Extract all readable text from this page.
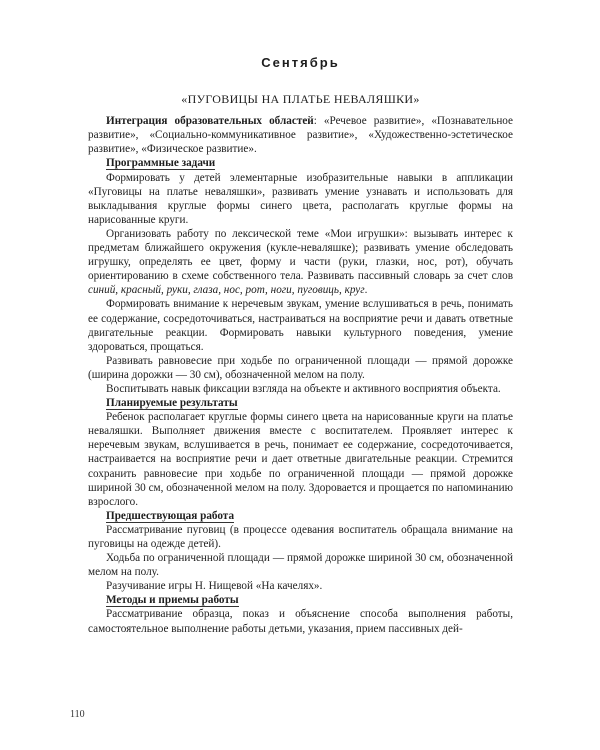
Сентябрь
«ПУГОВИЦЫ НА ПЛАТЬЕ НЕВАЛЯШКИ»

Интеграция образовательных областей: «Речевое развитие», «Познавательное развитие», «Социально-коммуникативное развитие», «Художественно-эстетическое развитие», «Физическое развитие».

Программные задачи

Формировать у детей элементарные изобразительные навыки в аппликации «Пуговицы на платье неваляшки», развивать умение узнавать и использовать для выкладывания круглые формы синего цвета, располагать круглые формы на нарисованные круги.

Организовать работу по лексической теме «Мои игрушки»: вызывать интерес к предметам ближайшего окружения (кукле-неваляшке); развивать умение обследовать игрушку, определять ее цвет, форму и части (руки, глазки, нос, рот), обучать ориентированию в схеме собственного тела. Развивать пассивный словарь за счет слов синий, красный, руки, глаза, нос, рот, ноги, пуговиць, круг.

Формировать внимание к неречевым звукам, умение вслушиваться в речь, понимать ее содержание, сосредоточиваться, настраиваться на восприятие речи и давать ответные двигательные реакции. Формировать навыки культурного поведения, умение здороваться, прощаться.

Развивать равновесие при ходьбе по ограниченной площади — прямой дорожке (ширина дорожки — 30 см), обозначенной мелом на полу.

Воспитывать навык фиксации взгляда на объекте и активного восприятия объекта.

Планируемые результаты

Ребенок располагает круглые формы синего цвета на нарисованные круги на платье неваляшки. Выполняет движения вместе с воспитателем. Проявляет интерес к неречевым звукам, вслушивается в речь, понимает ее содержание, сосредоточивается, настраивается на восприятие речи и дает ответные двигательные реакции. Стремится сохранить равновесие при ходьбе по ограниченной площади — прямой дорожке шириной 30 см, обозначенной мелом на полу. Здоровается и прощается по напоминанию взрослого.

Предшествующая работа

Рассматривание пуговиц (в процессе одевания воспитатель обращала внимание на пуговицы на одежде детей).

Ходьба по ограниченной площади — прямой дорожке шириной 30 см, обозначенной мелом на полу.

Разучивание игры Н. Нищевой «На качелях».

Методы и приемы работы

Рассматривание образца, показ и объяснение способа выполнения работы, самостоятельное выполнение работы детьми, указания, прием пассивных дей-

110
